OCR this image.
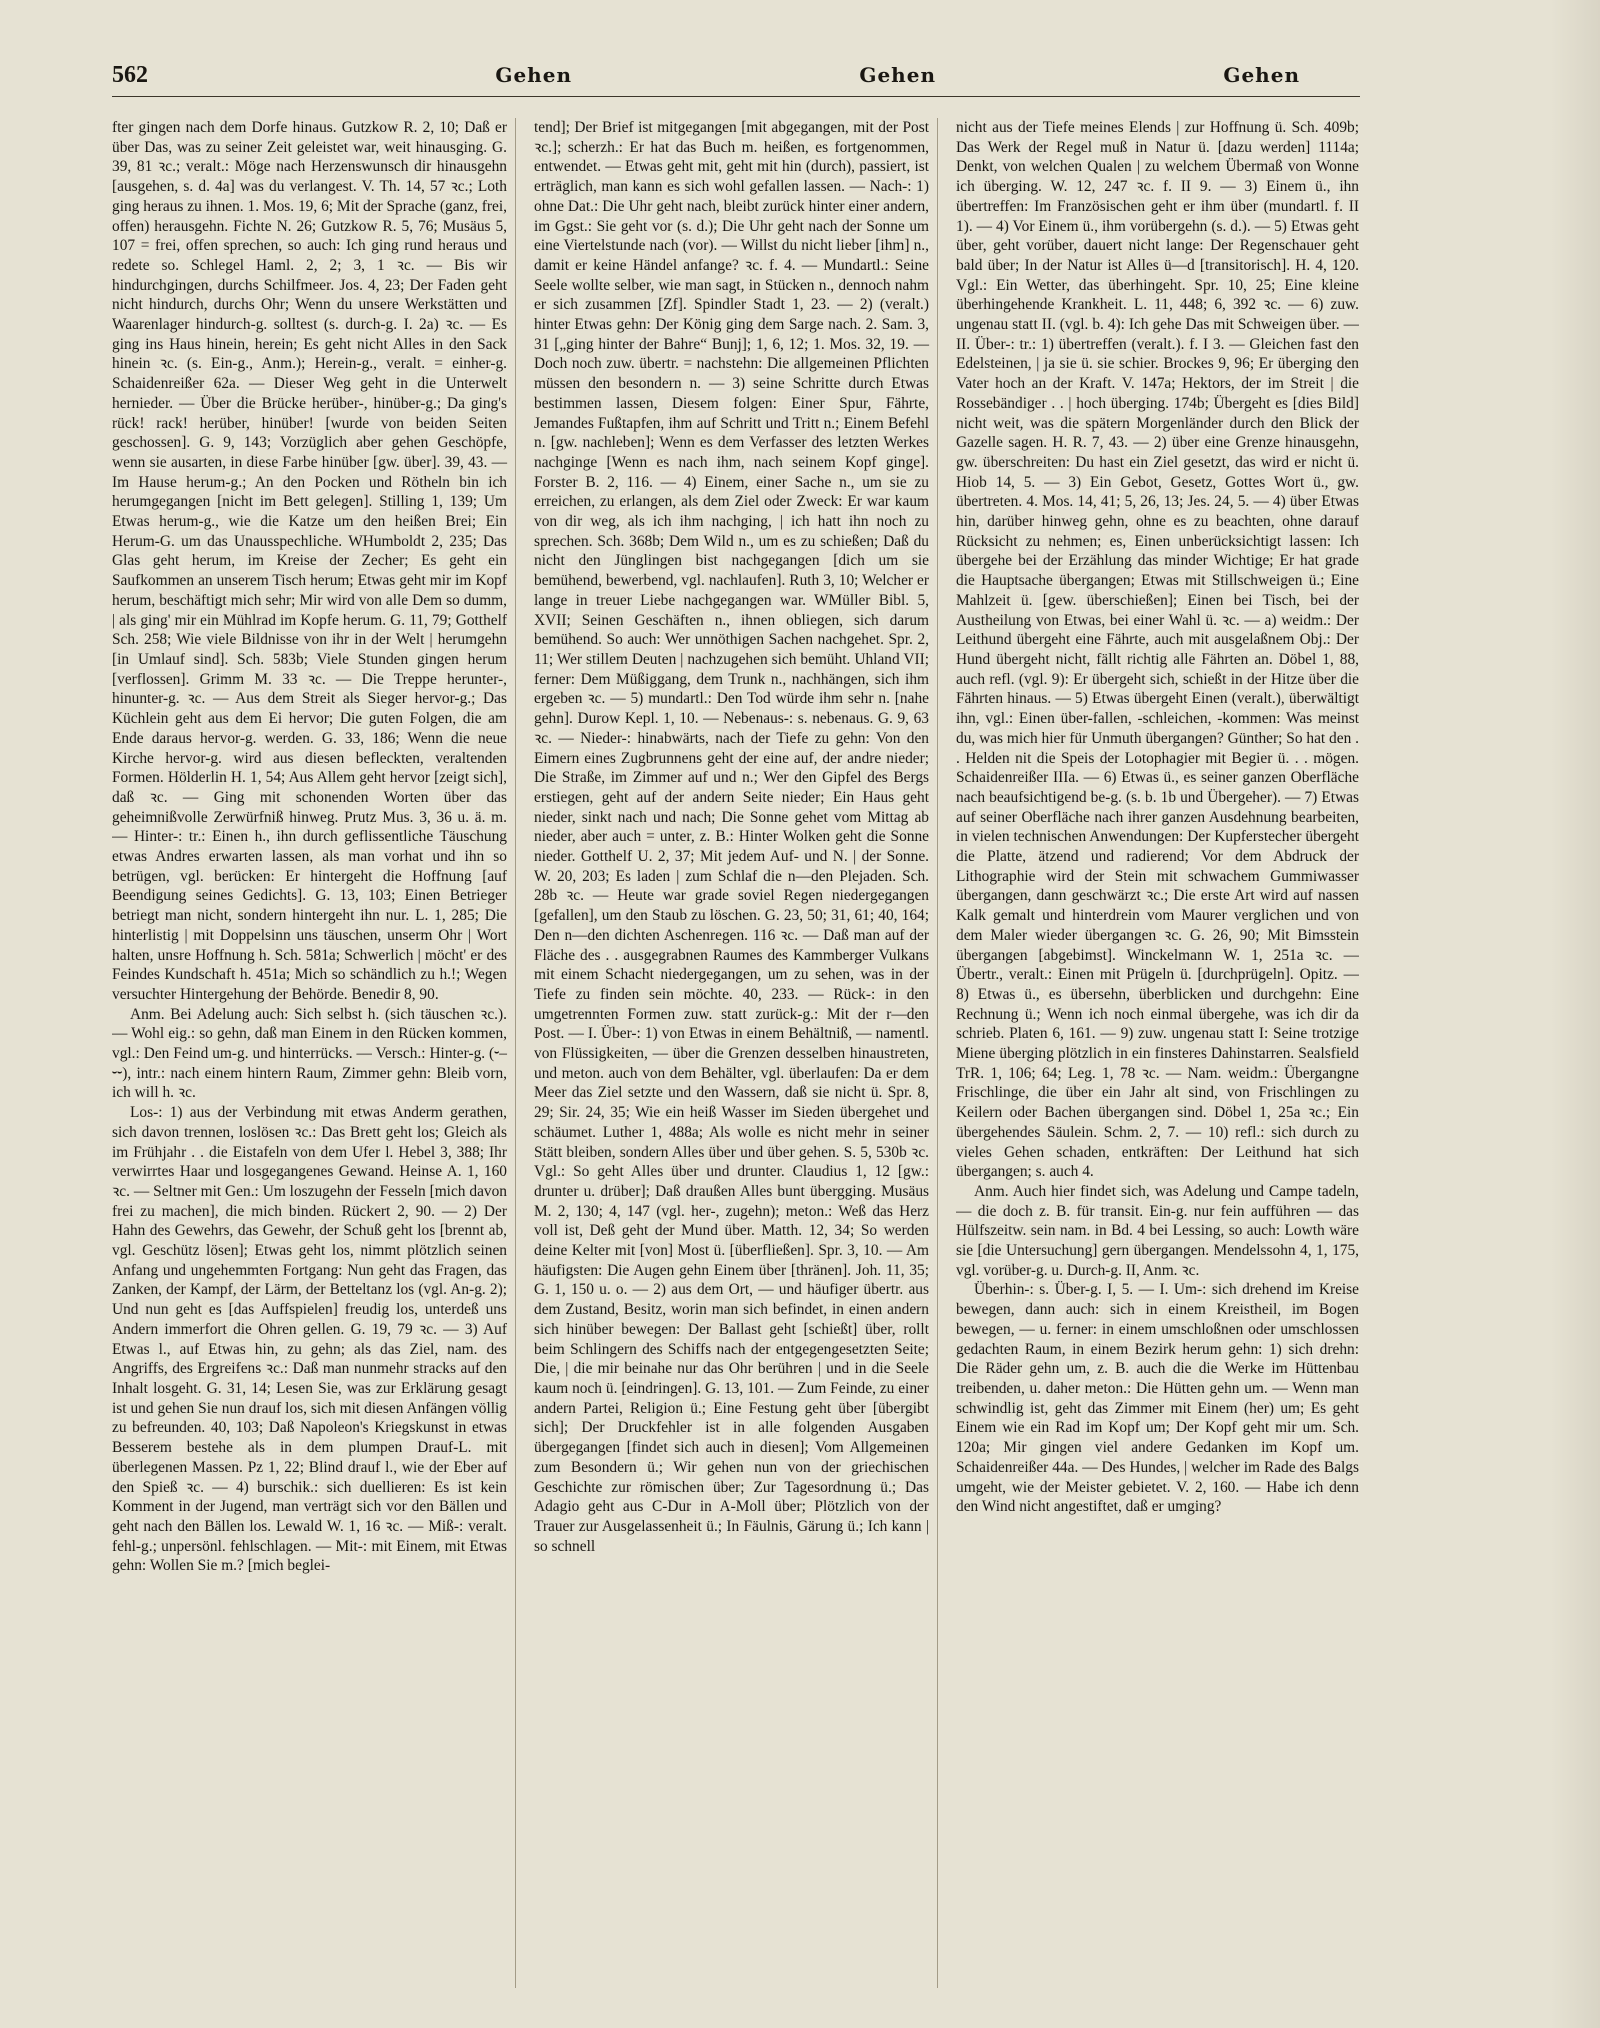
562	Gehen	Gehen	Gehen

fter gingen nach dem Dorfe hinaus. Gutzkow R. 2, 10; Daß er über Das, was zu seiner Zeit geleistet war, weit hinausging. G. 39, 81 ꝛc.; veralt.: Möge nach Herzenswunsch dir hinausgehn [ausgehen, s. d. 4a] was du verlangest. V. Th. 14, 57 ꝛc.; Loth ging heraus zu ihnen. 1. Mos. 19, 6; Mit der Sprache (ganz, frei, offen) herausgehn. Fichte N. 26; Gutzkow R. 5, 76; Musäus 5, 107 = frei, offen sprechen, so auch: Ich ging rund heraus und redete so. Schlegel Haml. 2, 2; 3, 1 ꝛc. — Bis wir hindurchgingen, durchs Schilfmeer. Jos. 4, 23; Der Faden geht nicht hindurch, durchs Ohr; Wenn du unsere Werkstätten und Waarenlager hindurch-g. solltest (s. durch-g. I. 2a) ꝛc. — Es ging ins Haus hinein, herein; Es geht nicht Alles in den Sack hinein ꝛc. (s. Ein-g., Anm.); Herein-g., veralt. = einher-g. Schaidenreißer 62a. — Dieser Weg geht in die Unterwelt hernieder. — Über die Brücke herüber-, hinüber-g.; Da ging's rück! rack! herüber, hinüber! [wurde von beiden Seiten geschossen]. G. 9, 143; Vorzüglich aber gehen Geschöpfe, wenn sie ausarten, in diese Farbe hinüber [gw. über]. 39, 43. — Im Hause herum-g.; An den Pocken und Rötheln bin ich herumgegangen [nicht im Bett gelegen]. Stilling 1, 139; Um Etwas herum-g., wie die Katze um den heißen Brei; Ein Herum-G. um das Unausspechliche. WHumboldt 2, 235; Das Glas geht herum, im Kreise der Zecher; Es geht ein Saufkommen an unserem Tisch herum; Etwas geht mir im Kopf herum, beschäftigt mich sehr; Mir wird von alle Dem so dumm, | als ging' mir ein Mühlrad im Kopfe herum. G. 11, 79; Gotthelf Sch. 258; Wie viele Bildnisse von ihr in der Welt | herumgehn [in Umlauf sind]. Sch. 583b; Viele Stunden gingen herum [verflossen]. Grimm M. 33 ꝛc. — Die Treppe herunter-, hinunter-g. ꝛc. — Aus dem Streit als Sieger hervor-g.; Das Küchlein geht aus dem Ei hervor; Die guten Folgen, die am Ende daraus hervor-g. werden. G. 33, 186; Wenn die neue Kirche hervor-g. wird aus diesen befleckten, veraltenden Formen. Hölderlin H. 1, 54; Aus Allem geht hervor [zeigt sich], daß ꝛc. — Ging mit schonenden Worten über das geheimnißvolle Zerwürfniß hinweg. Prutz Mus. 3, 36 u. ä. m. — Hinter-: tr.: Einen h., ihn durch geflissentliche Täuschung etwas Andres erwarten lassen, als man vorhat und ihn so betrügen, vgl. berücken: Er hintergeht die Hoffnung [auf Beendigung seines Gedichts]. G. 13, 103; Einen Betrieger betriegt man nicht, sondern hintergeht ihn nur. L. 1, 285; Die hinterlistig | mit Doppelsinn uns täuschen, unserm Ohr | Wort halten, unsre Hoffnung h. Sch. 581a; Schwerlich | möcht' er des Feindes Kundschaft h. 451a; Mich so schändlich zu h.!; Wegen versuchter Hintergehung der Behörde. Benedir 8, 90.

Anm. Bei Adelung auch: Sich selbst h. (sich täuschen ꝛc.). — Wohl eig.: so gehn, daß man Einem in den Rücken kommen, vgl.: Den Feind um-g. und hinterrücks. — Versch.: Hinter-g. (⏑–⏑⏑), intr.: nach einem hintern Raum, Zimmer gehn: Bleib vorn, ich will h. ꝛc.

Los-: 1) aus der Verbindung mit etwas Anderm gerathen, sich davon trennen, loslösen ꝛc.: Das Brett geht los; Gleich als im Frühjahr . . die Eistafeln von dem Ufer l. Hebel 3, 388; Ihr verwirrtes Haar und losgegangenes Gewand. Heinse A. 1, 160 ꝛc. — Seltner mit Gen.: Um loszugehn der Fesseln [mich davon frei zu machen], die mich binden. Rückert 2, 90. — 2) Der Hahn des Gewehrs, das Gewehr, der Schuß geht los [brennt ab, vgl. Geschütz lösen]; Etwas geht los, nimmt plötzlich seinen Anfang und ungehemmten Fortgang: Nun geht das Fragen, das Zanken, der Kampf, der Lärm, der Betteltanz los (vgl. An-g. 2); Und nun geht es [das Auffspielen] freudig los, unterdeß uns Andern immerfort die Ohren gellen. G. 19, 79 ꝛc. — 3) Auf Etwas l., auf Etwas hin, zu gehn; als das Ziel, nam. des Angriffs, des Ergreifens ꝛc.: Daß man nunmehr stracks auf den Inhalt losgeht. G. 31, 14; Lesen Sie, was zur Erklärung gesagt ist und gehen Sie nun drauf los, sich mit diesen Anfängen völlig zu befreunden. 40, 103; Daß Napoleon's Kriegskunst in etwas Besserem bestehe als in dem plumpen Drauf-L. mit überlegenen Massen. Pz 1, 22; Blind drauf l., wie der Eber auf den Spieß ꝛc. — 4) burschik.: sich duellieren: Es ist kein Komment in der Jugend, man verträgt sich vor den Bällen und geht nach den Bällen los. Lewald W. 1, 16 ꝛc. — Miß-: veralt. fehl-g.; unpersönl. fehlschlagen. — Mit-: mit Einem, mit Etwas gehn: Wollen Sie m.? [mich beglei-

tend]; Der Brief ist mitgegangen [mit abgegangen, mit der Post ꝛc.]; scherzh.: Er hat das Buch m. heißen, es fortgenommen, entwendet. — Etwas geht mit, geht mit hin (durch), passiert, ist erträglich, man kann es sich wohl gefallen lassen. — Nach-: 1) ohne Dat.: Die Uhr geht nach, bleibt zurück hinter einer andern, im Ggst.: Sie geht vor (s. d.); Die Uhr geht nach der Sonne um eine Viertelstunde nach (vor). — Willst du nicht lieber [ihm] n., damit er keine Händel anfange? ꝛc. f. 4. — Mundartl.: Seine Seele wollte selber, wie man sagt, in Stücken n., dennoch nahm er sich zusammen [Zf]. Spindler Stadt 1, 23. — 2) (veralt.) hinter Etwas gehn: Der König ging dem Sarge nach. 2. Sam. 3, 31 [„ging hinter der Bahre“ Bunj]; 1, 6, 12; 1. Mos. 32, 19. — Doch noch zuw. übertr. = nachstehn: Die allgemeinen Pflichten müssen den besondern n. — 3) seine Schritte durch Etwas bestimmen lassen, Diesem folgen: Einer Spur, Fährte, Jemandes Fußtapfen, ihm auf Schritt und Tritt n.; Einem Befehl n. [gw. nachleben]; Wenn es dem Verfasser des letzten Werkes nachginge [Wenn es nach ihm, nach seinem Kopf ginge]. Forster B. 2, 116. — 4) Einem, einer Sache n., um sie zu erreichen, zu erlangen, als dem Ziel oder Zweck: Er war kaum von dir weg, als ich ihm nachging, | ich hatt ihn noch zu sprechen. Sch. 368b; Dem Wild n., um es zu schießen; Daß du nicht den Jünglingen bist nachgegangen [dich um sie bemühend, bewerbend, vgl. nachlaufen]. Ruth 3, 10; Welcher er lange in treuer Liebe nachgegangen war. WMüller Bibl. 5, XVII; Seinen Geschäften n., ihnen obliegen, sich darum bemühend. So auch: Wer unnöthigen Sachen nachgehet. Spr. 2, 11; Wer stillem Deuten | nachzugehen sich bemüht. Uhland VII; ferner: Dem Müßiggang, dem Trunk n., nachhängen, sich ihm ergeben ꝛc. — 5) mundartl.: Den Tod würde ihm sehr n. [nahe gehn]. Durow Kepl. 1, 10. — Nebenaus-: s. nebenaus. G. 9, 63 ꝛc. — Nieder-: hinabwärts, nach der Tiefe zu gehn: Von den Eimern eines Zugbrunnens geht der eine auf, der andre nieder; Die Straße, im Zimmer auf und n.; Wer den Gipfel des Bergs erstiegen, geht auf der andern Seite nieder; Ein Haus geht nieder, sinkt nach und nach; Die Sonne gehet vom Mittag ab nieder, aber auch = unter, z. B.: Hinter Wolken geht die Sonne nieder. Gotthelf U. 2, 37; Mit jedem Auf- und N. | der Sonne. W. 20, 203; Es laden | zum Schlaf die n—den Plejaden. Sch. 28b ꝛc. — Heute war grade soviel Regen niedergegangen [gefallen], um den Staub zu löschen. G. 23, 50; 31, 61; 40, 164; Den n—den dichten Aschenregen. 116 ꝛc. — Daß man auf der Fläche des . . ausgegrabnen Raumes des Kammberger Vulkans mit einem Schacht niedergegangen, um zu sehen, was in der Tiefe zu finden sein möchte. 40, 233. — Rück-: in den umgetrennten Formen zuw. statt zurück-g.: Mit der r—den Post. — I. Über-: 1) von Etwas in einem Behältniß, — namentl. von Flüssigkeiten, — über die Grenzen desselben hinaustreten, und meton. auch von dem Behälter, vgl. überlaufen: Da er dem Meer das Ziel setzte und den Wassern, daß sie nicht ü. Spr. 8, 29; Sir. 24, 35; Wie ein heiß Wasser im Sieden übergehet und schäumet. Luther 1, 488a; Als wolle es nicht mehr in seiner Stätt bleiben, sondern Alles über und über gehen. S. 5, 530b ꝛc. Vgl.: So geht Alles über und drunter. Claudius 1, 12 [gw.: drunter u. drüber]; Daß draußen Alles bunt übergging. Musäus M. 2, 130; 4, 147 (vgl. her-, zugehn); meton.: Weß das Herz voll ist, Deß geht der Mund über. Matth. 12, 34; So werden deine Kelter mit [von] Most ü. [überfließen]. Spr. 3, 10. — Am häufigsten: Die Augen gehn Einem über [thränen]. Joh. 11, 35; G. 1, 150 u. o. — 2) aus dem Ort, — und häufiger übertr. aus dem Zustand, Besitz, worin man sich befindet, in einen andern sich hinüber bewegen: Der Ballast geht [schießt] über, rollt beim Schlingern des Schiffs nach der entgegengesetzten Seite; Die, | die mir beinahe nur das Ohr berühren | und in die Seele kaum noch ü. [eindringen]. G. 13, 101. — Zum Feinde, zu einer andern Partei, Religion ü.; Eine Festung geht über [übergibt sich]; Der Druckfehler ist in alle folgenden Ausgaben übergegangen [findet sich auch in diesen]; Vom Allgemeinen zum Besondern ü.; Wir gehen nun von der griechischen Geschichte zur römischen über; Zur Tagesordnung ü.; Das Adagio geht aus C-Dur in A-Moll über; Plötzlich von der Trauer zur Ausgelassenheit ü.; In Fäulnis, Gärung ü.; Ich kann | so schnell

nicht aus der Tiefe meines Elends | zur Hoffnung ü. Sch. 409b; Das Werk der Regel muß in Natur ü. [dazu werden] 1114a; Denkt, von welchen Qualen | zu welchem Übermaß von Wonne ich überging. W. 12, 247 ꝛc. f. II 9. — 3) Einem ü., ihn übertreffen: Im Französischen geht er ihm über (mundartl. f. II 1). — 4) Vor Einem ü., ihm vorübergehn (s. d.). — 5) Etwas geht über, geht vorüber, dauert nicht lange: Der Regenschauer geht bald über; In der Natur ist Alles ü—d [transitorisch]. H. 4, 120. Vgl.: Ein Wetter, das überhingeht. Spr. 10, 25; Eine kleine überhingehende Krankheit. L. 11, 448; 6, 392 ꝛc. — 6) zuw. ungenau statt II. (vgl. b. 4): Ich gehe Das mit Schweigen über. — II. Über-: tr.: 1) übertreffen (veralt.). f. I 3. — Gleichen fast den Edelsteinen, | ja sie ü. sie schier. Brockes 9, 96; Er überging den Vater hoch an der Kraft. V. 147a; Hektors, der im Streit | die Rossebändiger . . | hoch überging. 174b; Übergeht es [dies Bild] nicht weit, was die spätern Morgenländer durch den Blick der Gazelle sagen. H. R. 7, 43. — 2) über eine Grenze hinausgehn, gw. überschreiten: Du hast ein Ziel gesetzt, das wird er nicht ü. Hiob 14, 5. — 3) Ein Gebot, Gesetz, Gottes Wort ü., gw. übertreten. 4. Mos. 14, 41; 5, 26, 13; Jes. 24, 5. — 4) über Etwas hin, darüber hinweg gehn, ohne es zu beachten, ohne darauf Rücksicht zu nehmen; es, Einen unberücksichtigt lassen: Ich übergehe bei der Erzählung das minder Wichtige; Er hat grade die Hauptsache übergangen; Etwas mit Stillschweigen ü.; Eine Mahlzeit ü. [gew. überschießen]; Einen bei Tisch, bei der Austheilung von Etwas, bei einer Wahl ü. ꝛc. — a) weidm.: Der Leithund übergeht eine Fährte, auch mit ausgelaßnem Obj.: Der Hund übergeht nicht, fällt richtig alle Fährten an. Döbel 1, 88, auch refl. (vgl. 9): Er übergeht sich, schießt in der Hitze über die Fährten hinaus. — 5) Etwas übergeht Einen (veralt.), überwältigt ihn, vgl.: Einen über-fallen, -schleichen, -kommen: Was meinst du, was mich hier für Unmuth übergangen? Günther; So hat den . . Helden nit die Speis der Lotophagier mit Begier ü. . . mögen. Schaidenreißer IIIa. — 6) Etwas ü., es seiner ganzen Oberfläche nach beaufsichtigend be-g. (s. b. 1b und Übergeher). — 7) Etwas auf seiner Oberfläche nach ihrer ganzen Ausdehnung bearbeiten, in vielen technischen Anwendungen: Der Kupferstecher übergeht die Platte, ätzend und radierend; Vor dem Abdruck der Lithographie wird der Stein mit schwachem Gummiwasser übergangen, dann geschwärzt ꝛc.; Die erste Art wird auf nassen Kalk gemalt und hinterdrein vom Maurer verglichen und von dem Maler wieder übergangen ꝛc. G. 26, 90; Mit Bimsstein übergangen [abgebimst]. Winckelmann W. 1, 251a ꝛc. — Übertr., veralt.: Einen mit Prügeln ü. [durchprügeln]. Opitz. — 8) Etwas ü., es übersehn, überblicken und durchgehn: Eine Rechnung ü.; Wenn ich noch einmal übergehe, was ich dir da schrieb. Platen 6, 161. — 9) zuw. ungenau statt I: Seine trotzige Miene überging plötzlich in ein finsteres Dahinstarren. Sealsfield TrR. 1, 106; 64; Leg. 1, 78 ꝛc. — Nam. weidm.: Übergangne Frischlinge, die über ein Jahr alt sind, von Frischlingen zu Keilern oder Bachen übergangen sind. Döbel 1, 25a ꝛc.; Ein übergehendes Säulein. Schm. 2, 7. — 10) refl.: sich durch zu vieles Gehen schaden, entkräften: Der Leithund hat sich übergangen; s. auch 4.

Anm. Auch hier findet sich, was Adelung und Campe tadeln, — die doch z. B. für transit. Ein-g. nur fein aufführen — das Hülfszeitw. sein nam. in Bd. 4 bei Lessing, so auch: Lowth wäre sie [die Untersuchung] gern übergangen. Mendelssohn 4, 1, 175, vgl. vorüber-g. u. Durch-g. II, Anm. ꝛc.

Überhin-: s. Über-g. I, 5. — I. Um-: sich drehend im Kreise bewegen, dann auch: sich in einem Kreistheil, im Bogen bewegen, — u. ferner: in einem umschloßnen oder umschlossen gedachten Raum, in einem Bezirk herum gehn: 1) sich drehn: Die Räder gehn um, z. B. auch die die Werke im Hüttenbau treibenden, u. daher meton.: Die Hütten gehn um. — Wenn man schwindlig ist, geht das Zimmer mit Einem (her) um; Es geht Einem wie ein Rad im Kopf um; Der Kopf geht mir um. Sch. 120a; Mir gingen viel andere Gedanken im Kopf um. Schaidenreißer 44a. — Des Hundes, | welcher im Rade des Balgs umgeht, wie der Meister gebietet. V. 2, 160. — Habe ich denn den Wind nicht angestiftet, daß er umging?
